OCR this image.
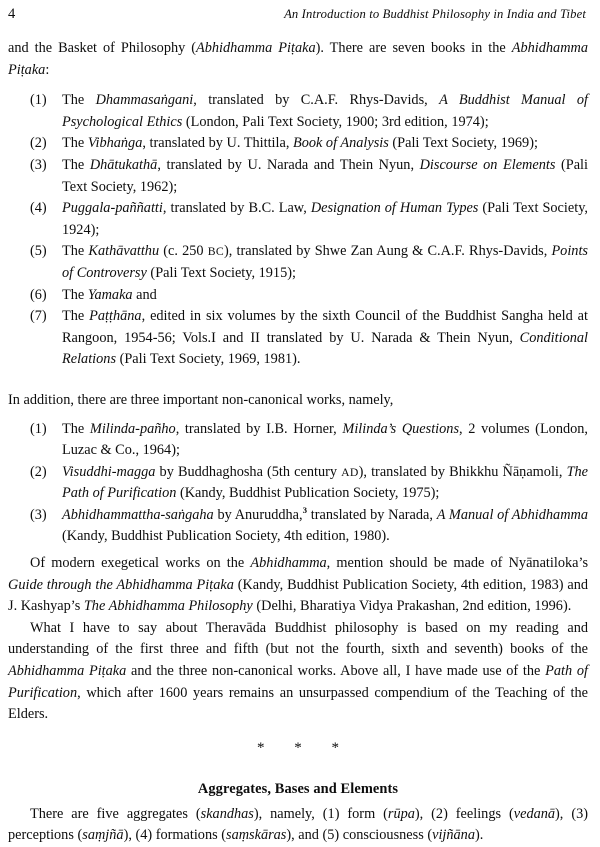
4	An Introduction to Buddhist Philosophy in India and Tibet

and the Basket of Philosophy (Abhidhamma Piṭaka). There are seven books in the Abhidhamma Piṭaka:

(1)	The Dhammasaṅgani, translated by C.A.F. Rhys-Davids, A Buddhist Manual of Psychological Ethics (London, Pali Text Society, 1900; 3rd edition, 1974);
(2)	The Vibhaṅga, translated by U. Thittila, Book of Analysis (Pali Text Society, 1969);
(3)	The Dhātukathā, translated by U. Narada and Thein Nyun, Discourse on Elements (Pali Text Society, 1962);
(4)	Puggala-paññatti, translated by B.C. Law, Designation of Human Types (Pali Text Society, 1924);
(5)	The Kathāvatthu (c. 250 BC), translated by Shwe Zan Aung & C.A.F. Rhys-Davids, Points of Controversy (Pali Text Society, 1915);
(6)	The Yamaka and
(7)	The Paṭṭhāna, edited in six volumes by the sixth Council of the Buddhist Sangha held at Rangoon, 1954-56; Vols.I and II translated by U. Narada & Thein Nyun, Conditional Relations (Pali Text Society, 1969, 1981).

In addition, there are three important non-canonical works, namely,

(1)	The Milinda-pañho, translated by I.B. Horner, Milinda’s Questions, 2 volumes (London, Luzac & Co., 1964);
(2)	Visuddhi-magga by Buddhaghosha (5th century AD), translated by Bhikkhu Ñāṇamoli, The Path of Purification (Kandy, Buddhist Publication Society, 1975);
(3)	Abhidhammattha-saṅgaha by Anuruddha,$^3$ translated by Narada, A Manual of Abhidhamma (Kandy, Buddhist Publication Society, 4th edition, 1980).

Of modern exegetical works on the Abhidhamma, mention should be made of Nyānatiloka’s Guide through the Abhidhamma Piṭaka (Kandy, Buddhist Publication Society, 4th edition, 1983) and J. Kashyap’s The Abhidhamma Philosophy (Delhi, Bharatiya Vidya Prakashan, 2nd edition, 1996).

What I have to say about Theravāda Buddhist philosophy is based on my reading and understanding of the first three and fifth (but not the fourth, sixth and seventh) books of the Abhidhamma Piṭaka and the three non-canonical works. Above all, I have made use of the Path of Purification, which after 1600 years remains an unsurpassed compendium of the Teaching of the Elders.

* * *
Aggregates, Bases and Elements

There are five aggregates (skandhas), namely, (1) form (rūpa), (2) feelings (vedanā), (3) perceptions (saṃjñā), (4) formations (saṃskāras), and (5) consciousness (vijñāna).
